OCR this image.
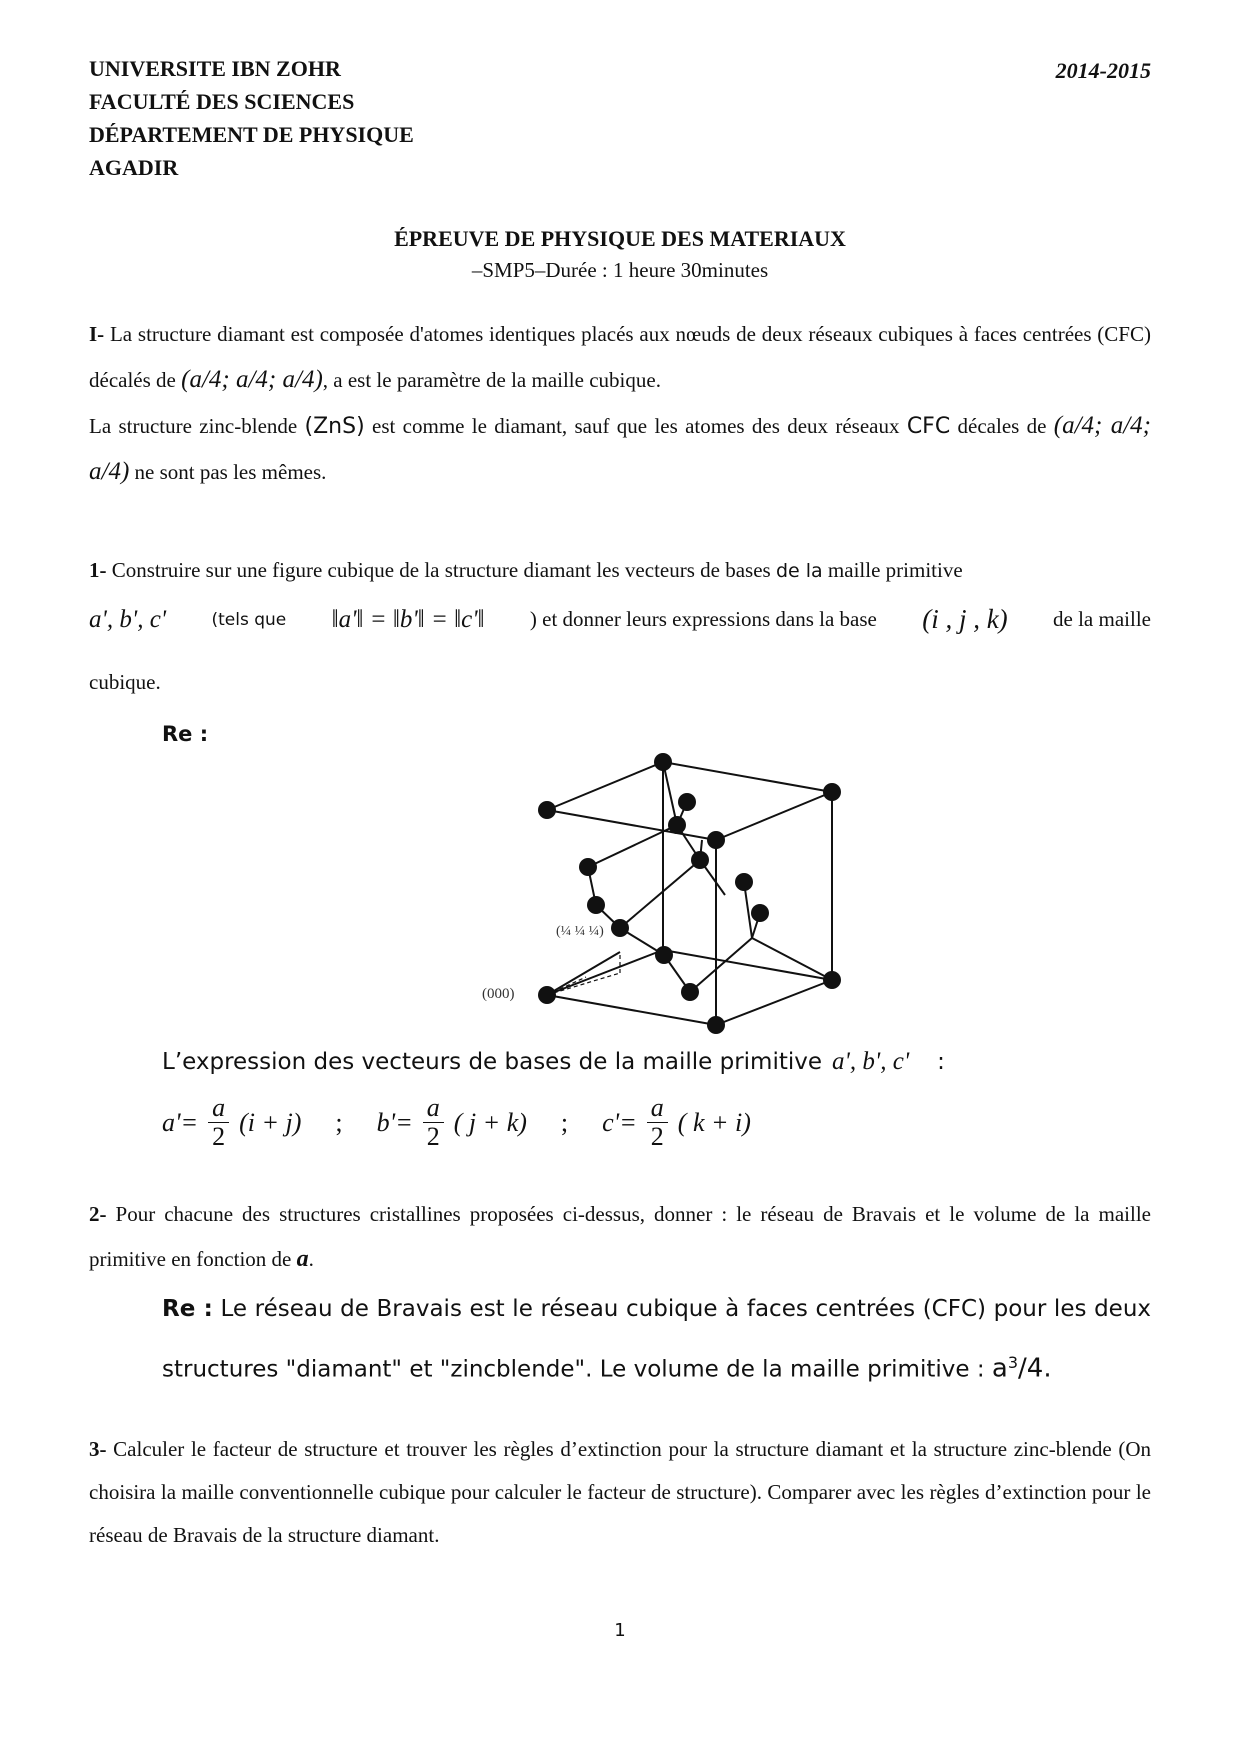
UNIVERSITE IBN ZOHR
FACULTÉ DES SCIENCES
DÉPARTEMENT DE PHYSIQUE
AGADIR
2014-2015
ÉPREUVE DE PHYSIQUE DES MATERIAUX
–SMP5–Durée : 1 heure 30minutes
I- La structure diamant est composée d'atomes identiques placés aux nœuds de deux réseaux cubiques à faces centrées (CFC) décalés de (a/4; a/4; a/4), a est le paramètre de la maille cubique.
La structure zinc-blende (ZnS) est comme le diamant, sauf que les atomes des deux réseaux CFC décales de (a/4; a/4; a/4) ne sont pas les mêmes.
1- Construire sur une figure cubique de la structure diamant les vecteurs de bases de la maille primitive
a', b', c'	(tels que ‖a'‖ = ‖b'‖ = ‖c'‖ ) et donner leurs expressions dans la base (i , j , k) de la maille
cubique.
Re :
(000)
(¼ ¼ ¼)
L’expression des vecteurs de bases de la maille primitive a', b', c' :
$a'= \frac{a}{2} (i + j)$ ; $b'= \frac{a}{2}$ ( j + k) ; $c'= \frac{a}{2}$ ( k + i)
2- Pour chacune des structures cristallines proposées ci-dessus, donner : le réseau de Bravais et le volume de la maille primitive en fonction de a.
Re : Le réseau de Bravais est le réseau cubique à faces centrées (CFC) pour les deux structures "diamant" et "zincblende". Le volume de la maille primitive : $a^3/4$.
3- Calculer le facteur de structure et trouver les règles d’extinction pour la structure diamant et la structure zinc-blende (On choisira la maille conventionnelle cubique pour calculer le facteur de structure). Comparer avec les règles d’extinction pour le réseau de Bravais de la structure diamant.
1
